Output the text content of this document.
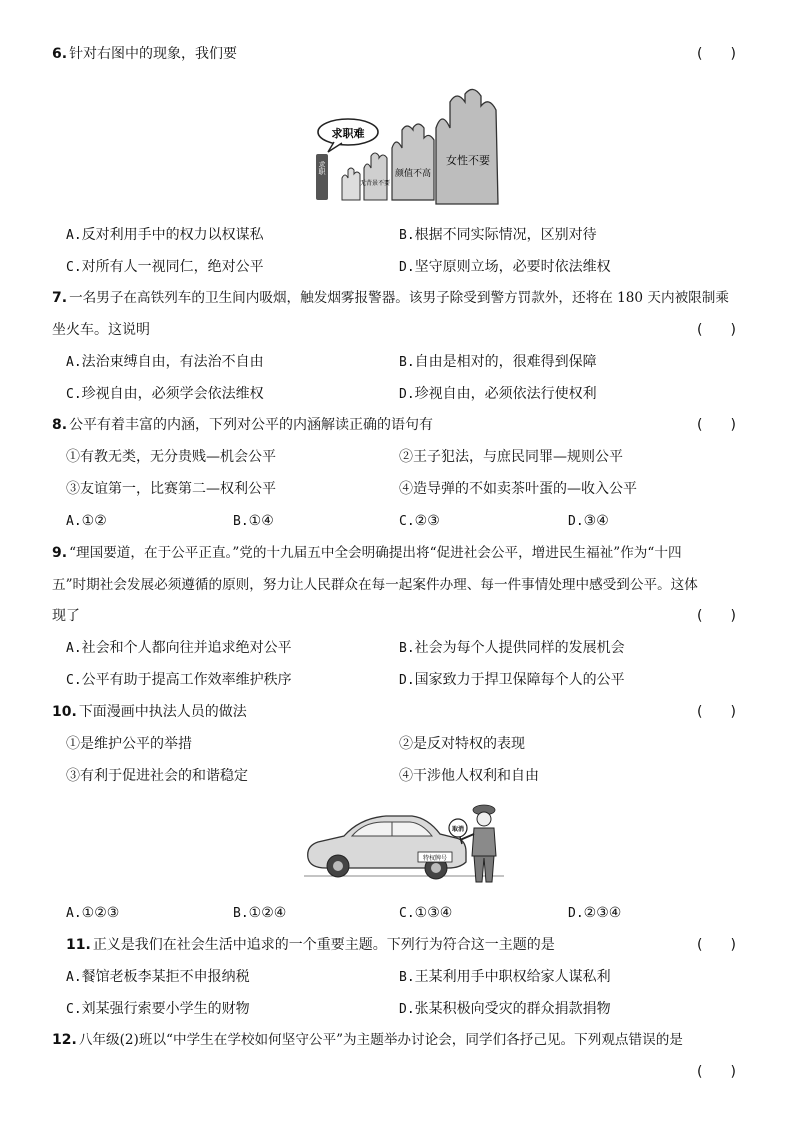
6. 针对右图中的现象，我们要	(　　)
求职难
求职
无背景不要
颜值不高
女性不要
A.反对利用手中的权力以权谋私	B.根据不同实际情况，区别对待
C.对所有人一视同仁，绝对公平	D.坚守原则立场，必要时依法维权
7. 一名男子在高铁列车的卫生间内吸烟，触发烟雾报警器。该男子除受到警方罚款外，还将在 180 天内被限制乘
坐火车。这说明	(　　)
A.法治束缚自由，有法治不自由	B.自由是相对的，很难得到保障
C.珍视自由，必须学会依法维权	D.珍视自由，必须依法行使权利
8. 公平有着丰富的内涵，下列对公平的内涵解读正确的语句有	(　　)
①有教无类，无分贵贱—机会公平	②王子犯法，与庶民同罪—规则公平
③友谊第一，比赛第二—权利公平	④造导弹的不如卖茶叶蛋的—收入公平
A.①②	B.①④	C.②③	D.③④
9. “理国要道，在于公平正直。”党的十九届五中全会明确提出将“促进社会公平，增进民生福祉”作为“十四
五”时期社会发展必须遵循的原则，努力让人民群众在每一起案件办理、每一件事情处理中感受到公平。这体
现了	(　　)
A.社会和个人都向往并追求绝对公平	B.社会为每个人提供同样的发展机会
C.公平有助于提高工作效率维护秩序	D.国家致力于捍卫保障每个人的公平
10. 下面漫画中执法人员的做法	(　　)
①是维护公平的举措	②是反对特权的表现
③有利于促进社会的和谐稳定	④干涉他人权利和自由
特权牌号
取消
A.①②③	B.①②④	C.①③④	D.②③④
11. 正义是我们在社会生活中追求的一个重要主题。下列行为符合这一主题的是	(　　)
A.餐馆老板李某拒不申报纳税	B.王某利用手中职权给家人谋私利
C.刘某强行索要小学生的财物	D.张某积极向受灾的群众捐款捐物
12. 八年级(2)班以“中学生在学校如何坚守公平”为主题举办讨论会，同学们各抒己见。下列观点错误的是
(　　)
